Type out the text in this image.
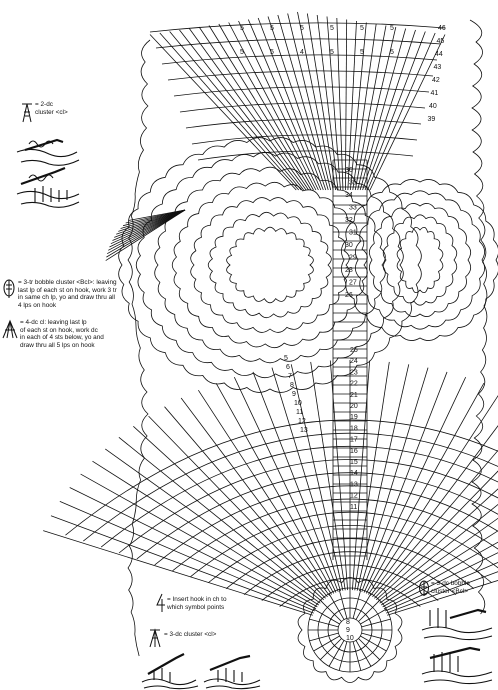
46
45
44
43
42
41
40
39
36
35
34
33
32
31
30
29
28
27
26
25
24
23
22
21
20
19
18
17
16
15
14
13
12
11
10
9
8
5	5	5	5	5	5
5	5	4	5	5	5
13
12
11
10
9
8
7
6
5
= 2-dc
cluster <cl>
= 3-tr bobble cluster <Bcl>: leaving
last lp of each st on hook, work 3 tr
in same ch lp, yo and draw thru all
4 lps on hook
= 4-dc cl: leaving last lp
of each st on hook, work dc
in each of 4 sts below, yo and
draw thru all 5 lps on hook
= Insert hook in ch to
which symbol points
= 3-dc cluster <cl>
= 3-dc bobble
cluster <Bcl>
